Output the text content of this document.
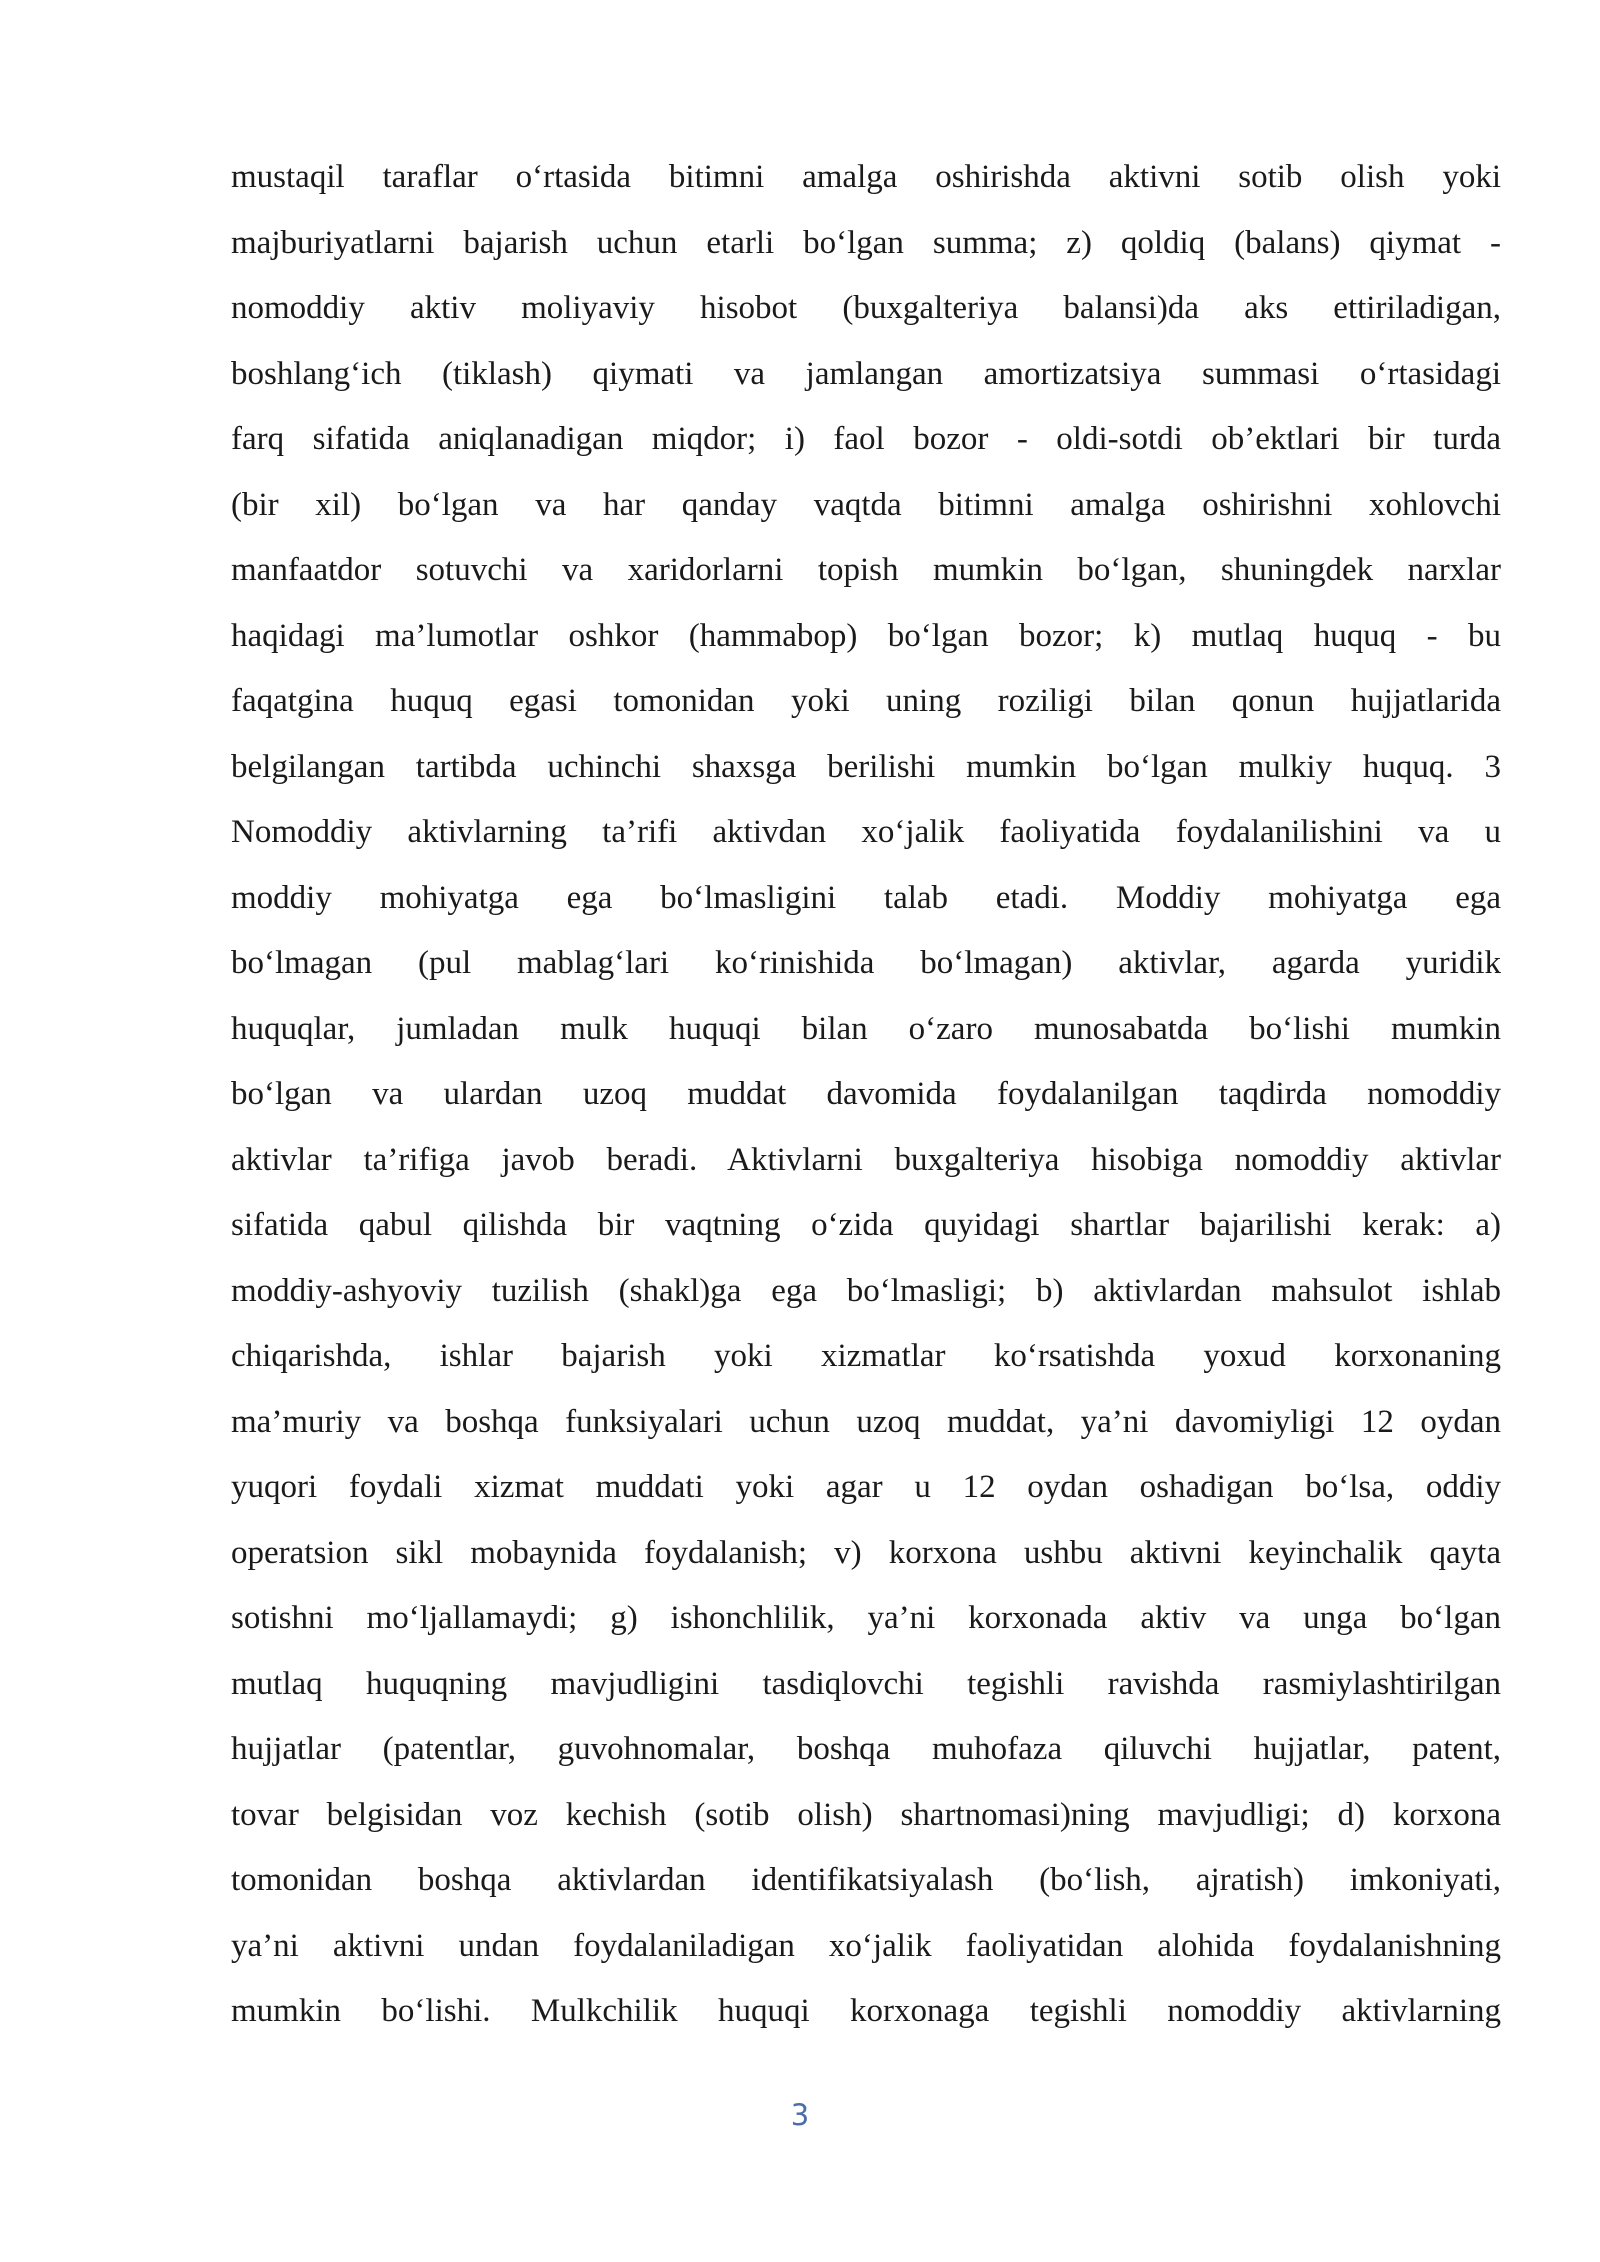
mustaqil taraflar o‘rtasida bitimni amalga oshirishda aktivni sotib olish yoki
majburiyatlarni bajarish uchun etarli bo‘lgan summa; z) qoldiq (balans) qiymat -
nomoddiy aktiv moliyaviy hisobot (buxgalteriya balansi)da aks ettiriladigan,
boshlang‘ich (tiklash) qiymati va jamlangan amortizatsiya summasi o‘rtasidagi
farq sifatida aniqlanadigan miqdor; i) faol bozor - oldi-sotdi ob’ektlari bir turda
(bir xil) bo‘lgan va har qanday vaqtda bitimni amalga oshirishni xohlovchi
manfaatdor sotuvchi va xaridorlarni topish mumkin bo‘lgan, shuningdek narxlar
haqidagi ma’lumotlar oshkor (hammabop) bo‘lgan bozor; k) mutlaq huquq - bu
faqatgina huquq egasi tomonidan yoki uning roziligi bilan qonun hujjatlarida
belgilangan tartibda uchinchi shaxsga berilishi mumkin bo‘lgan mulkiy huquq. 3
Nomoddiy aktivlarning ta’rifi aktivdan xo‘jalik faoliyatida foydalanilishini va u
moddiy mohiyatga ega bo‘lmasligini talab etadi. Moddiy mohiyatga ega
bo‘lmagan (pul mablag‘lari ko‘rinishida bo‘lmagan) aktivlar, agarda yuridik
huquqlar, jumladan mulk huquqi bilan o‘zaro munosabatda bo‘lishi mumkin
bo‘lgan va ulardan uzoq muddat davomida foydalanilgan taqdirda nomoddiy
aktivlar ta’rifiga javob beradi. Aktivlarni buxgalteriya hisobiga nomoddiy aktivlar
sifatida qabul qilishda bir vaqtning o‘zida quyidagi shartlar bajarilishi kerak: a)
moddiy-ashyoviy tuzilish (shakl)ga ega bo‘lmasligi; b) aktivlardan mahsulot ishlab
chiqarishda, ishlar bajarish yoki xizmatlar ko‘rsatishda yoxud korxonaning
ma’muriy va boshqa funksiyalari uchun uzoq muddat, ya’ni davomiyligi 12 oydan
yuqori foydali xizmat muddati yoki agar u 12 oydan oshadigan bo‘lsa, oddiy
operatsion sikl mobaynida foydalanish; v) korxona ushbu aktivni keyinchalik qayta
sotishni mo‘ljallamaydi; g) ishonchlilik, ya’ni korxonada aktiv va unga bo‘lgan
mutlaq huquqning mavjudligini tasdiqlovchi tegishli ravishda rasmiylashtirilgan
hujjatlar (patentlar, guvohnomalar, boshqa muhofaza qiluvchi hujjatlar, patent,
tovar belgisidan voz kechish (sotib olish) shartnomasi)ning mavjudligi; d) korxona
tomonidan boshqa aktivlardan identifikatsiyalash (bo‘lish, ajratish) imkoniyati,
ya’ni aktivni undan foydalaniladigan xo‘jalik faoliyatidan alohida foydalanishning
mumkin bo‘lishi. Mulkchilik huquqi korxonaga tegishli nomoddiy aktivlarning
3
